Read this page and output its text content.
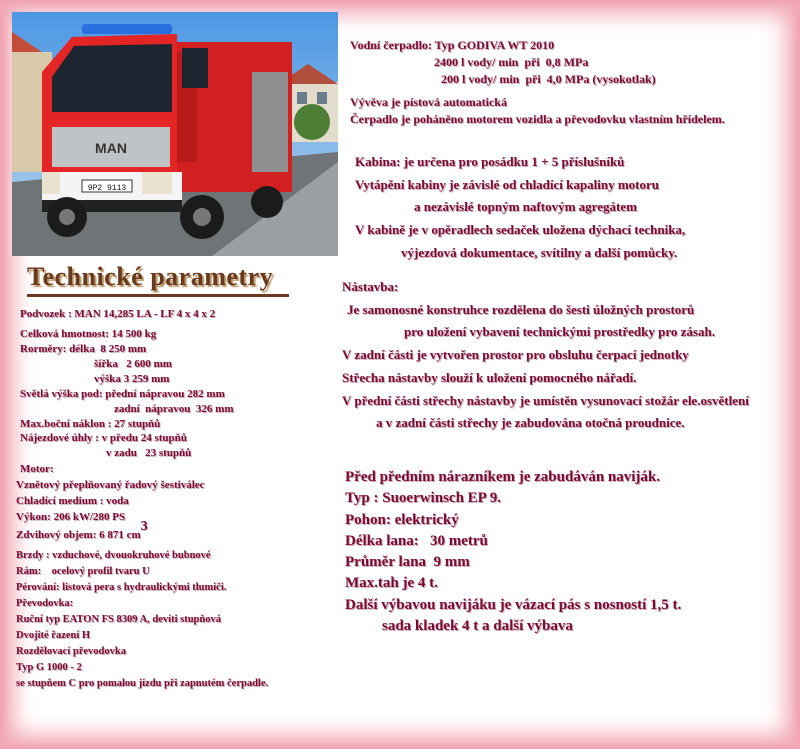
MAN
9P2 9113
Vodní čerpadlo: Typ GODIVA WT 2010
2400 l vody/ min  při  0,8 MPa
200 l vody/ min  při  4,0 MPa (vysokotlak)
Vývěva je pístová automatická
Čerpadlo je poháněno motorem vozidla a převodovku vlastním hřídelem.
Kabina: je určena pro posádku 1 + 5 příslušníků
Vytápění kabiny je závislé od chladící kapaliny motoru
a nezávislé topným naftovým agregátem
V kabině je v opěradlech sedaček uložena dýchací technika,
výjezdová dokumentace, svítilny a další pomůcky.
Nástavba:
Je samonosné konstruhce rozdělena do šesti úložných prostorů
pro uložení vybavení technickými prostředky pro zásah.
V zadní části je vytvořen prostor pro obsluhu čerpací jednotky
Střecha nástavby slouží k uložení pomocného nářadí.
V přední části střechy nástavby je umístěn vysunovací stožár ele.osvětlení
a v zadní části střechy je zabudována otočná proudnice.
Před předním nárazníkem je zabudáván naviják.
Typ : Suoerwinsch EP 9.
Pohon: elektrický
Délka lana:   30 metrů
Průměr lana  9 mm
Max.tah je 4 t.
Další výbavou navijáku je vázací pás s nosností 1,5 t.
sada kladek 4 t a další výbava
Technické parametry
Podvozek : MAN 14,285 LA - LF 4 x 4 x 2
Celková hmotnost: 14 500 kg
Rorměry: délka  8 250 mm
šířka   2 600 mm
výška 3 259 mm
Světlá výška pod: přední nápravou 282 mm
zadní  nápravou  326 mm
Max.boční náklon : 27 stupňů
Nájezdové úhly : v předu 24 stupňů
v zadu   23 stupňů
Motor:
Vznětový přeplňovaný řadový šestiválec
Chladící medium : voda
Výkon: 206 kW/280 PS
Zdvihový objem: 6 871 cm3
Brzdy : vzduchové, dvouokruhové bubnové
Rám:    ocelový profil tvaru U
Pérování: listová pera s hydraulickými tlumiči.
Převodovka:
Ruční typ EATON FS 8309 A, devíti stupňová
Dvojité řazení H
Rozdělovací převodovka
Typ G 1000 - 2
se stupňem C pro pomalou jízdu při zapnutém čerpadle.
